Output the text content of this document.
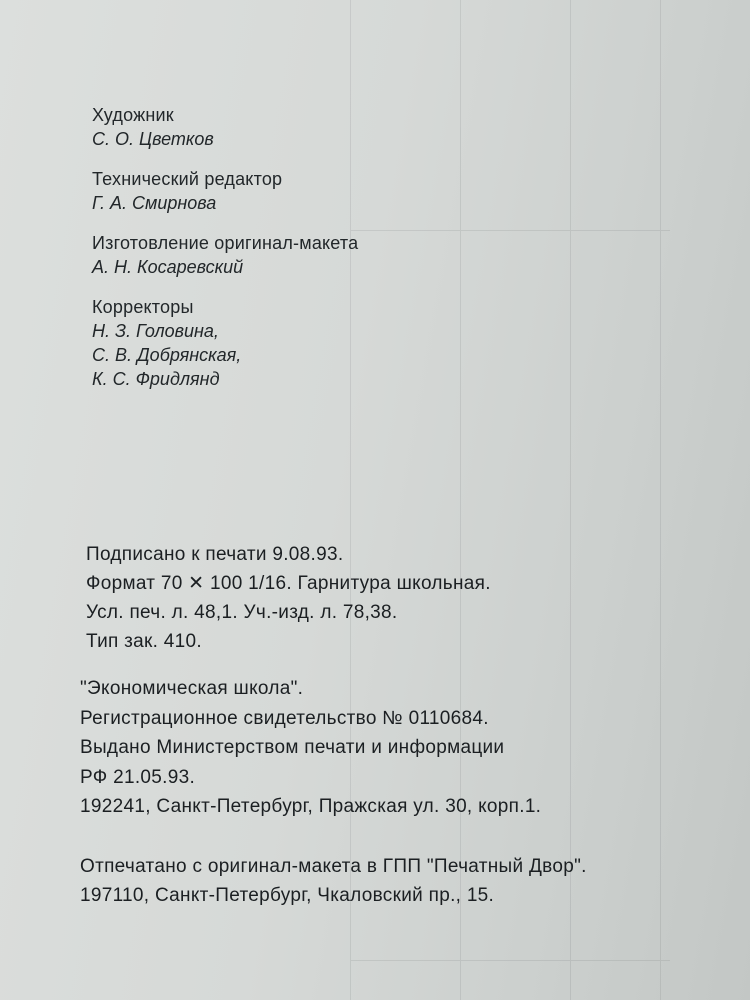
Художник
С. О. Цветков
Технический редактор
Г. А. Смирнова
Изготовление оригинал-макета
А. Н. Косаревский
Корректоры
Н. З. Головина,
С. В. Добрянская,
К. С. Фридлянд
Подписано к печати 9.08.93.
Формат 70 ✕ 100 1/16. Гарнитура школьная.
Усл. печ. л. 48,1. Уч.-изд. л. 78,38.
Тип зак. 410.
"Экономическая школа".
Регистрационное свидетельство № 0110684.
Выдано Министерством печати и информации
РФ 21.05.93.
192241, Санкт-Петербург, Пражская ул. 30, корп.1.
Отпечатано с оригинал-макета в ГПП "Печатный Двор".
197110, Санкт-Петербург, Чкаловский пр., 15.
